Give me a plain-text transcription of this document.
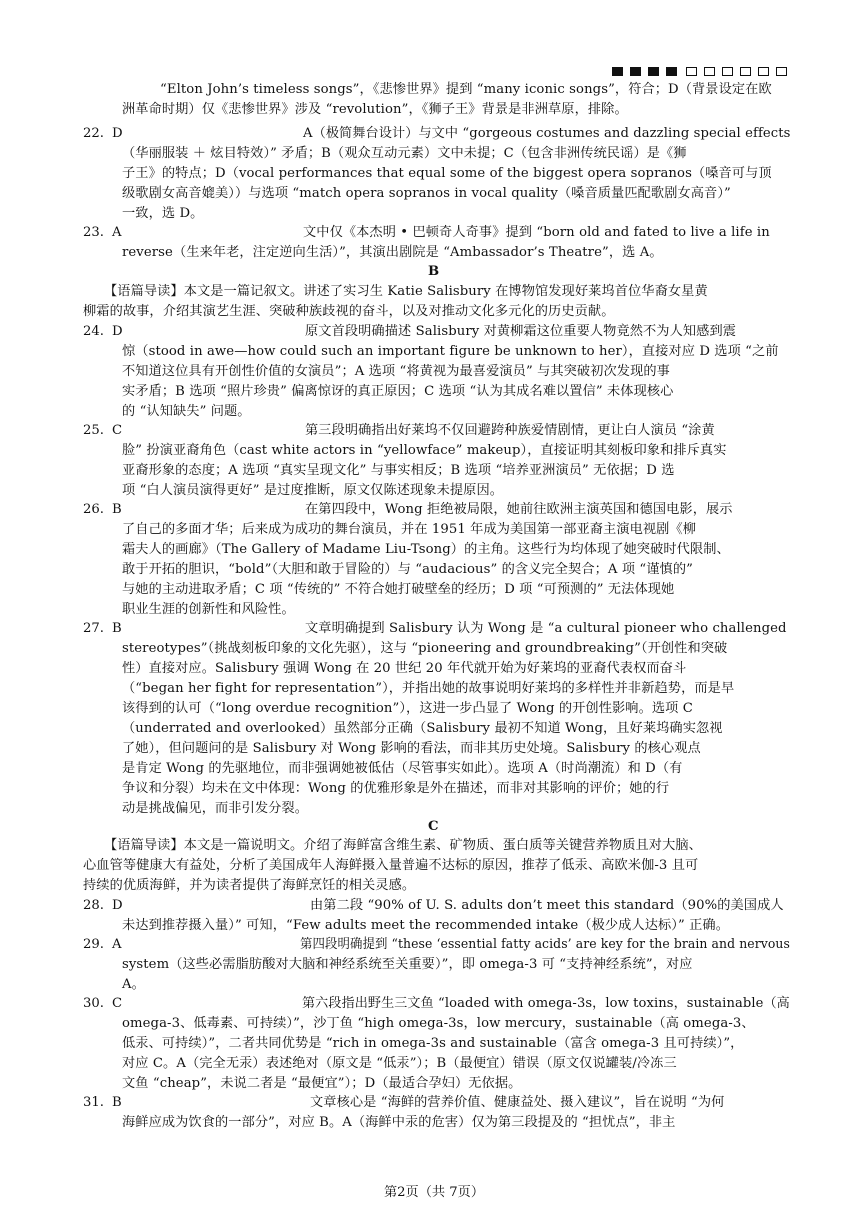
“Elton John’s timeless songs”，《悲惨世界》提到 “many iconic songs”，符合；D（背景设定在欧
洲革命时期）仅《悲惨世界》涉及 “revolution”，《狮子王》背景是非洲草原，排除。
22. D	A（极简舞台设计）与文中 “gorgeous costumes and dazzling special effects
（华丽服装 ＋ 炫目特效）” 矛盾；B（观众互动元素）文中未提；C（包含非洲传统民谣）是《狮
子王》的特点；D（vocal performances that equal some of the biggest opera sopranos（嗓音可与顶
级歌剧女高音媲美））与选项 “match opera sopranos in vocal quality（嗓音质量匹配歌剧女高音）”
一致，选 D。
23. A	文中仅《本杰明 • 巴顿奇人奇事》提到 “born old and fated to live a life in
reverse（生来年老，注定逆向生活）”，其演出剧院是 “Ambassador’s Theatre”，选 A。
B
【语篇导读】本文是一篇记叙文。讲述了实习生 Katie Salisbury 在博物馆发现好莱坞首位华裔女星黄
柳霜的故事，介绍其演艺生涯、突破种族歧视的奋斗，以及对推动文化多元化的历史贡献。
24. D	原文首段明确描述 Salisbury 对黄柳霜这位重要人物竟然不为人知感到震
惊（stood in awe—how could such an important figure be unknown to her），直接对应 D 选项 “之前
不知道这位具有开创性价值的女演员”；A 选项 “将黄视为最喜爱演员” 与其突破初次发现的事
实矛盾；B 选项 “照片珍贵” 偏离惊讶的真正原因；C 选项 “认为其成名难以置信” 未体现核心
的 “认知缺失” 问题。
25. C	第三段明确指出好莱坞不仅回避跨种族爱情剧情，更让白人演员 “涂黄
脸” 扮演亚裔角色（cast white actors in “yellowface” makeup），直接证明其刻板印象和排斥真实
亚裔形象的态度；A 选项 “真实呈现文化” 与事实相反；B 选项 “培养亚洲演员” 无依据；D 选
项 “白人演员演得更好” 是过度推断，原文仅陈述现象未提原因。
26. B	在第四段中，Wong 拒绝被局限，她前往欧洲主演英国和德国电影，展示
了自己的多面才华；后来成为成功的舞台演员，并在 1951 年成为美国第一部亚裔主演电视剧《柳
霜夫人的画廊》（The Gallery of Madame Liu-Tsong）的主角。这些行为均体现了她突破时代限制、
敢于开拓的胆识，“bold”（大胆和敢于冒险的）与 “audacious” 的含义完全契合；A 项 “谨慎的”
与她的主动进取矛盾；C 项 “传统的” 不符合她打破壁垒的经历；D 项 “可预测的” 无法体现她
职业生涯的创新性和风险性。
27. B	文章明确提到 Salisbury 认为 Wong 是 “a cultural pioneer who challenged
stereotypes”（挑战刻板印象的文化先驱），这与 “pioneering and groundbreaking”（开创性和突破
性）直接对应。Salisbury 强调 Wong 在 20 世纪 20 年代就开始为好莱坞的亚裔代表权而奋斗
（“began her fight for representation”），并指出她的故事说明好莱坞的多样性并非新趋势，而是早
该得到的认可（“long overdue recognition”），这进一步凸显了 Wong 的开创性影响。选项 C
（underrated and overlooked）虽然部分正确（Salisbury 最初不知道 Wong，且好莱坞确实忽视
了她），但问题问的是 Salisbury 对 Wong 影响的看法，而非其历史处境。Salisbury 的核心观点
是肯定 Wong 的先驱地位，而非强调她被低估（尽管事实如此）。选项 A（时尚潮流）和 D（有
争议和分裂）均未在文中体现：Wong 的优雅形象是外在描述，而非对其影响的评价；她的行
动是挑战偏见，而非引发分裂。
C
【语篇导读】本文是一篇说明文。介绍了海鲜富含维生素、矿物质、蛋白质等关键营养物质且对大脑、
心血管等健康大有益处，分析了美国成年人海鲜摄入量普遍不达标的原因，推荐了低汞、高欧米伽-3 且可
持续的优质海鲜，并为读者提供了海鲜烹饪的相关灵感。
28. D	由第二段 “90% of U. S. adults don’t meet this standard（90%的美国成人
未达到推荐摄入量）” 可知，“Few adults meet the recommended intake（极少成人达标）” 正确。
29. A	第四段明确提到 “these ‘essential fatty acids’ are key for the brain and nervous
system（这些必需脂肪酸对大脑和神经系统至关重要）”，即 omega-3 可 “支持神经系统”，对应
A。
30. C	第六段指出野生三文鱼 “loaded with omega-3s，low toxins，sustainable（高
omega-3、低毒素、可持续）”，沙丁鱼 “high omega-3s，low mercury，sustainable（高 omega-3、
低汞、可持续）”，二者共同优势是 “rich in omega-3s and sustainable（富含 omega-3 且可持续）”，
对应 C。A（完全无汞）表述绝对（原文是 “低汞”）；B（最便宜）错误（原文仅说罐装/冷冻三
文鱼 “cheap”，未说二者是 “最便宜”）；D（最适合孕妇）无依据。
31. B	文章核心是 “海鲜的营养价值、健康益处、摄入建议”，旨在说明 “为何
海鲜应成为饮食的一部分”，对应 B。A（海鲜中汞的危害）仅为第三段提及的 “担忧点”，非主
第2页（共 7页）
